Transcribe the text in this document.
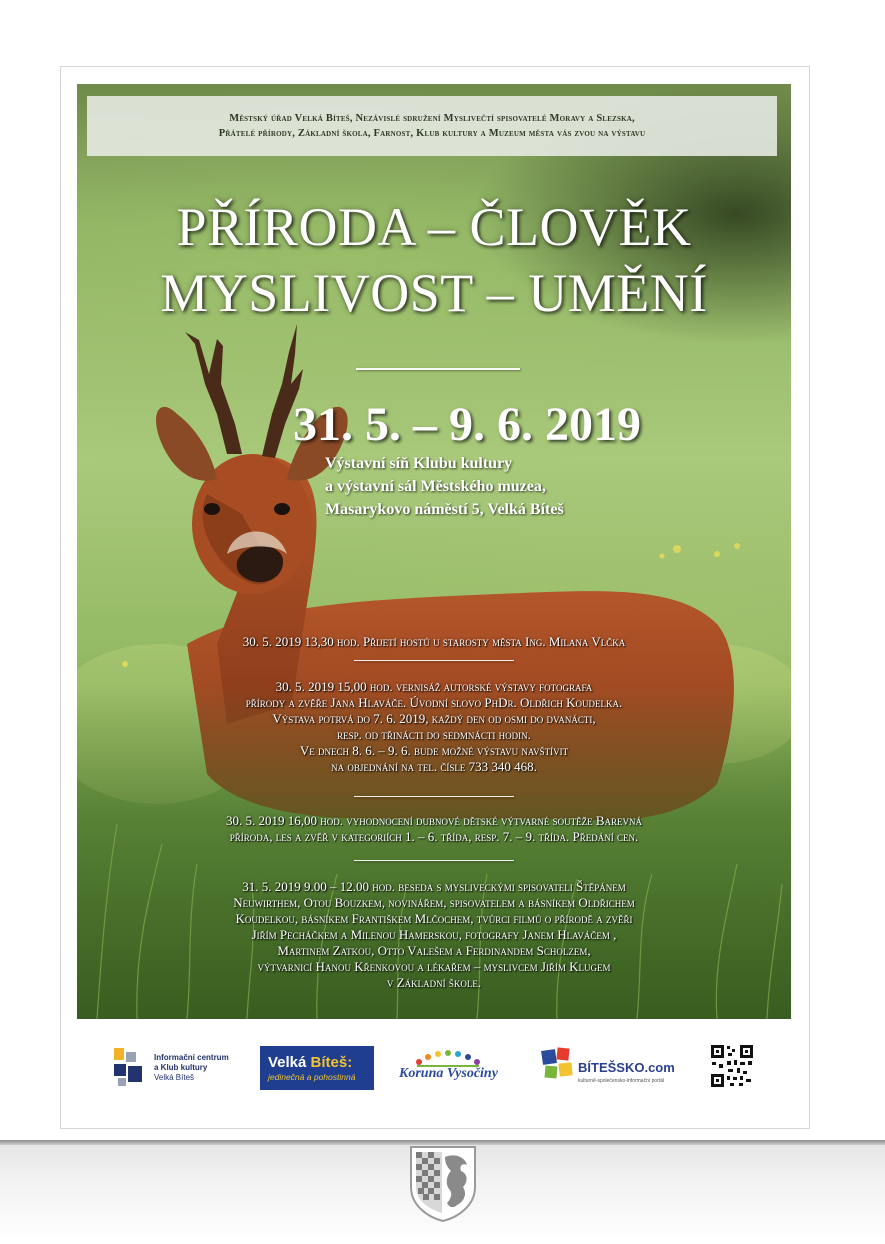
Městský úřad Velká Bíteš, Nezávislé sdružení Myslivečtí spisovatelé Moravy a Slezska,
Přátelé přírody, Základní škola, Farnost, Klub kultury a Muzeum města vás zvou na výstavu
PŘÍRODA – ČLOVĚK
MYSLIVOST – UMĚNÍ
31. 5. – 9. 6. 2019
Výstavní síň Klubu kultury
a výstavní sál Městského muzea,
Masarykovo náměstí 5, Velká Bíteš
30. 5. 2019 13,30 hod. Přijetí hostů u starosty města Ing. Milana Vlčka
30. 5. 2019 15,00 hod. vernisáž autorské výstavy fotografa
přírody a zvěře Jana Hlaváče. Úvodní slovo PhDr. Oldřich Koudelka.
Výstava potrvá do 7. 6. 2019, každý den od osmi do dvanácti,
resp. od třinácti do sedmnácti hodin.
Ve dnech 8. 6. – 9. 6. bude možné výstavu navštívit
na objednání na tel. čísle 733 340 468.
30. 5. 2019 16,00 hod. vyhodnocení dubnové dětské výtvarné soutěže Barevná
příroda, les a zvěř v kategoriích 1. – 6. třída, resp. 7. – 9. třída. Předání cen.
31. 5. 2019 9.00 – 12.00 hod. beseda s mysliveckými spisovateli Štěpánem
Neuwirthem, Otou Bouzkem, novinářem, spisovatelem a básníkem Oldřichem
Koudelkou, básníkem Františkem Mlčochem, tvůrci filmů o přírodě a zvěři
Jiřím Pecháčkem a Milenou Hamerskou, fotografy Janem Hlaváčem ,
Martinem Zatkou, Otto Valešem a Ferdinandem Scholzem,
výtvarnicí Hanou Křenkovou a lékařem – myslivcem Jiřím Klugem
v Základní škole.
Informační centrum
a Klub kultury
Velká Bíteš
Velká Bíteš:
jedinečná a pohostinná	Koruna Vysočiny	BÍTEŠSKO.com
kulturně-společensko-informační portál
